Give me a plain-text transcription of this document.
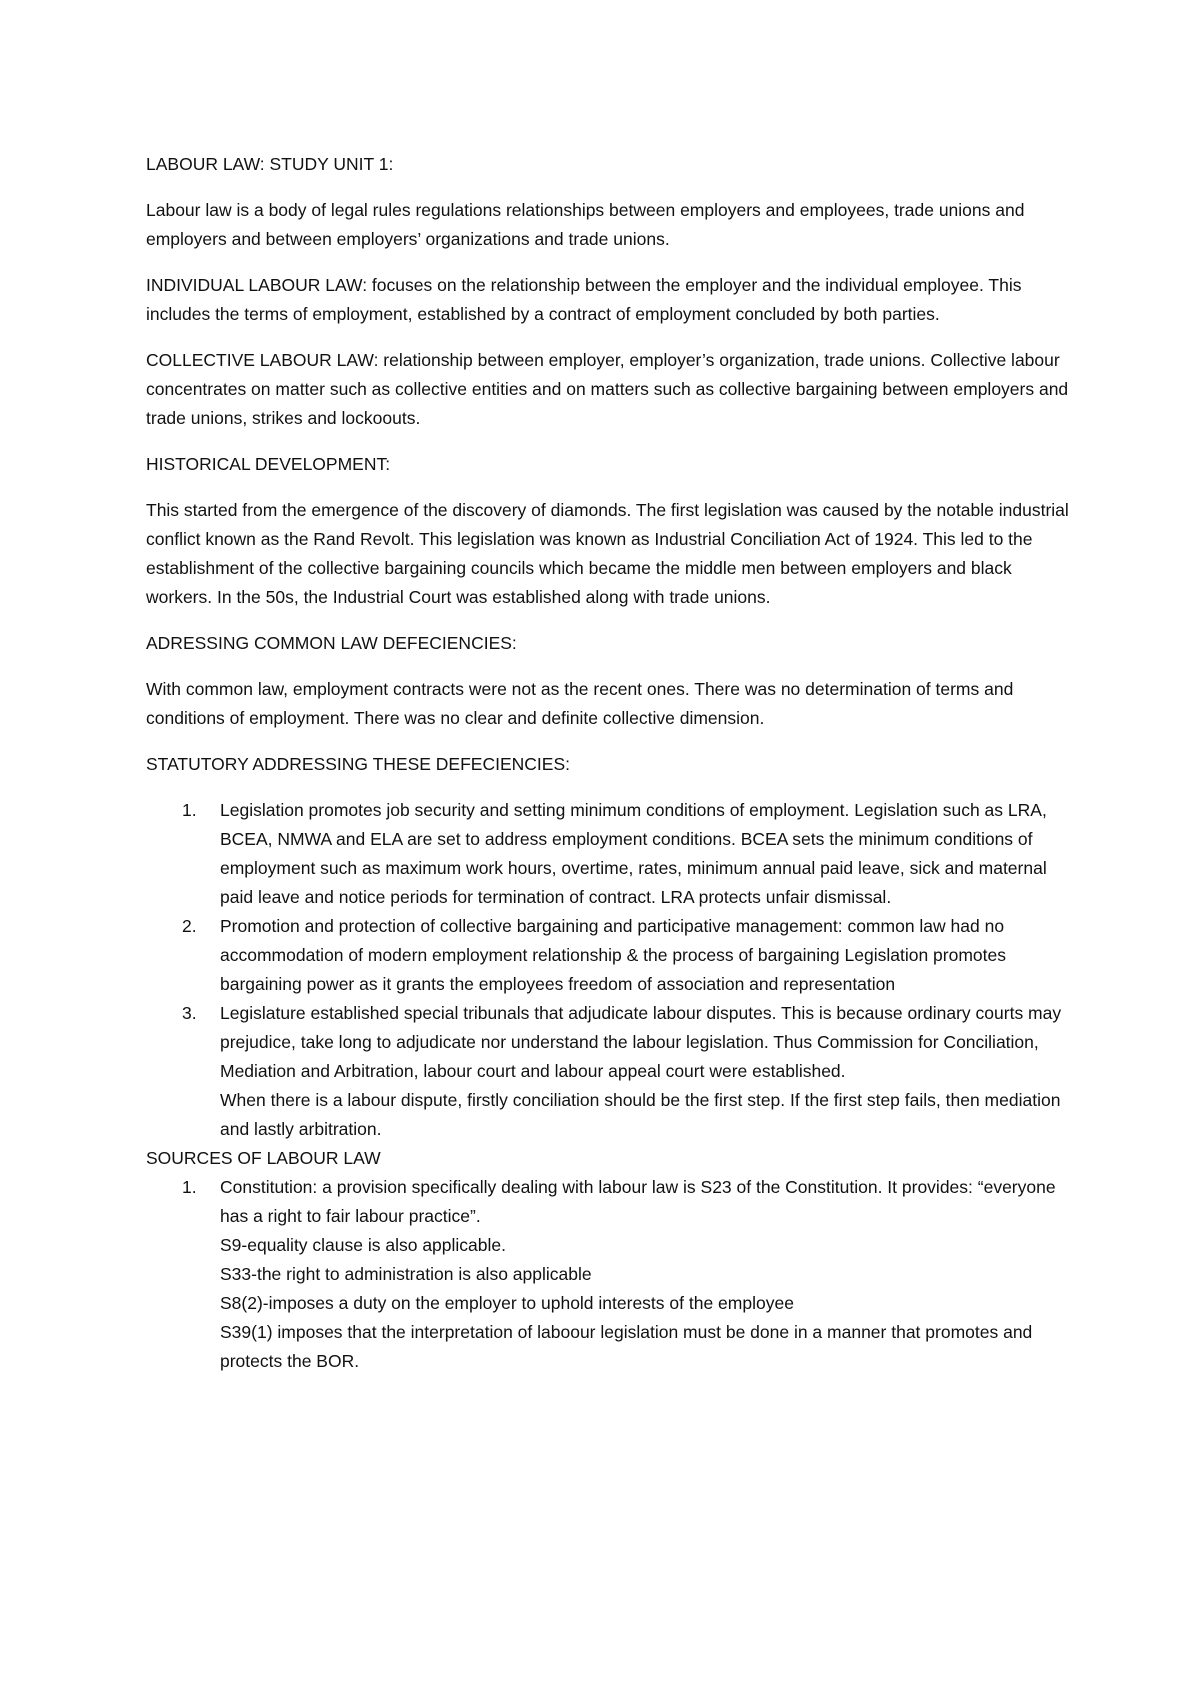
LABOUR LAW: STUDY UNIT 1:

Labour law is a body of legal rules regulations relationships between employers and employees, trade unions and employers and between employers’ organizations and trade unions.

INDIVIDUAL LABOUR LAW: focuses on the relationship between the employer and the individual employee. This includes the terms of employment, established by a contract of employment concluded by both parties.

COLLECTIVE LABOUR LAW: relationship between employer, employer’s organization, trade unions. Collective labour concentrates on matter such as collective entities and on matters such as collective bargaining between employers and trade unions, strikes and lockoouts.

HISTORICAL DEVELOPMENT:

This started from the emergence of the discovery of diamonds. The first legislation was caused by the notable industrial conflict known as the Rand Revolt. This legislation was known as Industrial Conciliation Act of 1924. This led to the establishment of the collective bargaining councils which became the middle men between employers and black workers. In the 50s, the Industrial Court was established along with trade unions.

ADRESSING COMMON LAW DEFECIENCIES:

With common law, employment contracts were not as the recent ones. There was no determination of terms and conditions of employment. There was no clear and definite collective dimension.

STATUTORY ADDRESSING THESE DEFECIENCIES:

1. Legislation promotes job security and setting minimum conditions of employment. Legislation such as LRA, BCEA, NMWA and ELA are set to address employment conditions. BCEA sets the minimum conditions of employment such as maximum work hours, overtime, rates, minimum annual paid leave, sick and maternal paid leave and notice periods for termination of contract. LRA protects unfair dismissal.
2. Promotion and protection of collective bargaining and participative management: common law had no accommodation of modern employment relationship & the process of bargaining Legislation promotes bargaining power as it grants the employees freedom of association and representation
3. Legislature established special tribunals that adjudicate labour disputes. This is because ordinary courts may prejudice, take long to adjudicate nor understand the labour legislation. Thus Commission for Conciliation, Mediation and Arbitration, labour court and labour appeal court were established.
When there is a labour dispute, firstly conciliation should be the first step. If the first step fails, then mediation and lastly arbitration.

SOURCES OF LABOUR LAW

1. Constitution: a provision specifically dealing with labour law is S23 of the Constitution. It provides: “everyone has a right to fair labour practice”.
S9-equality clause is also applicable.
S33-the right to administration is also applicable
S8(2)-imposes a duty on the employer to uphold interests of the employee
S39(1) imposes that the interpretation of laboour legislation must be done in a manner that promotes and protects the BOR.
